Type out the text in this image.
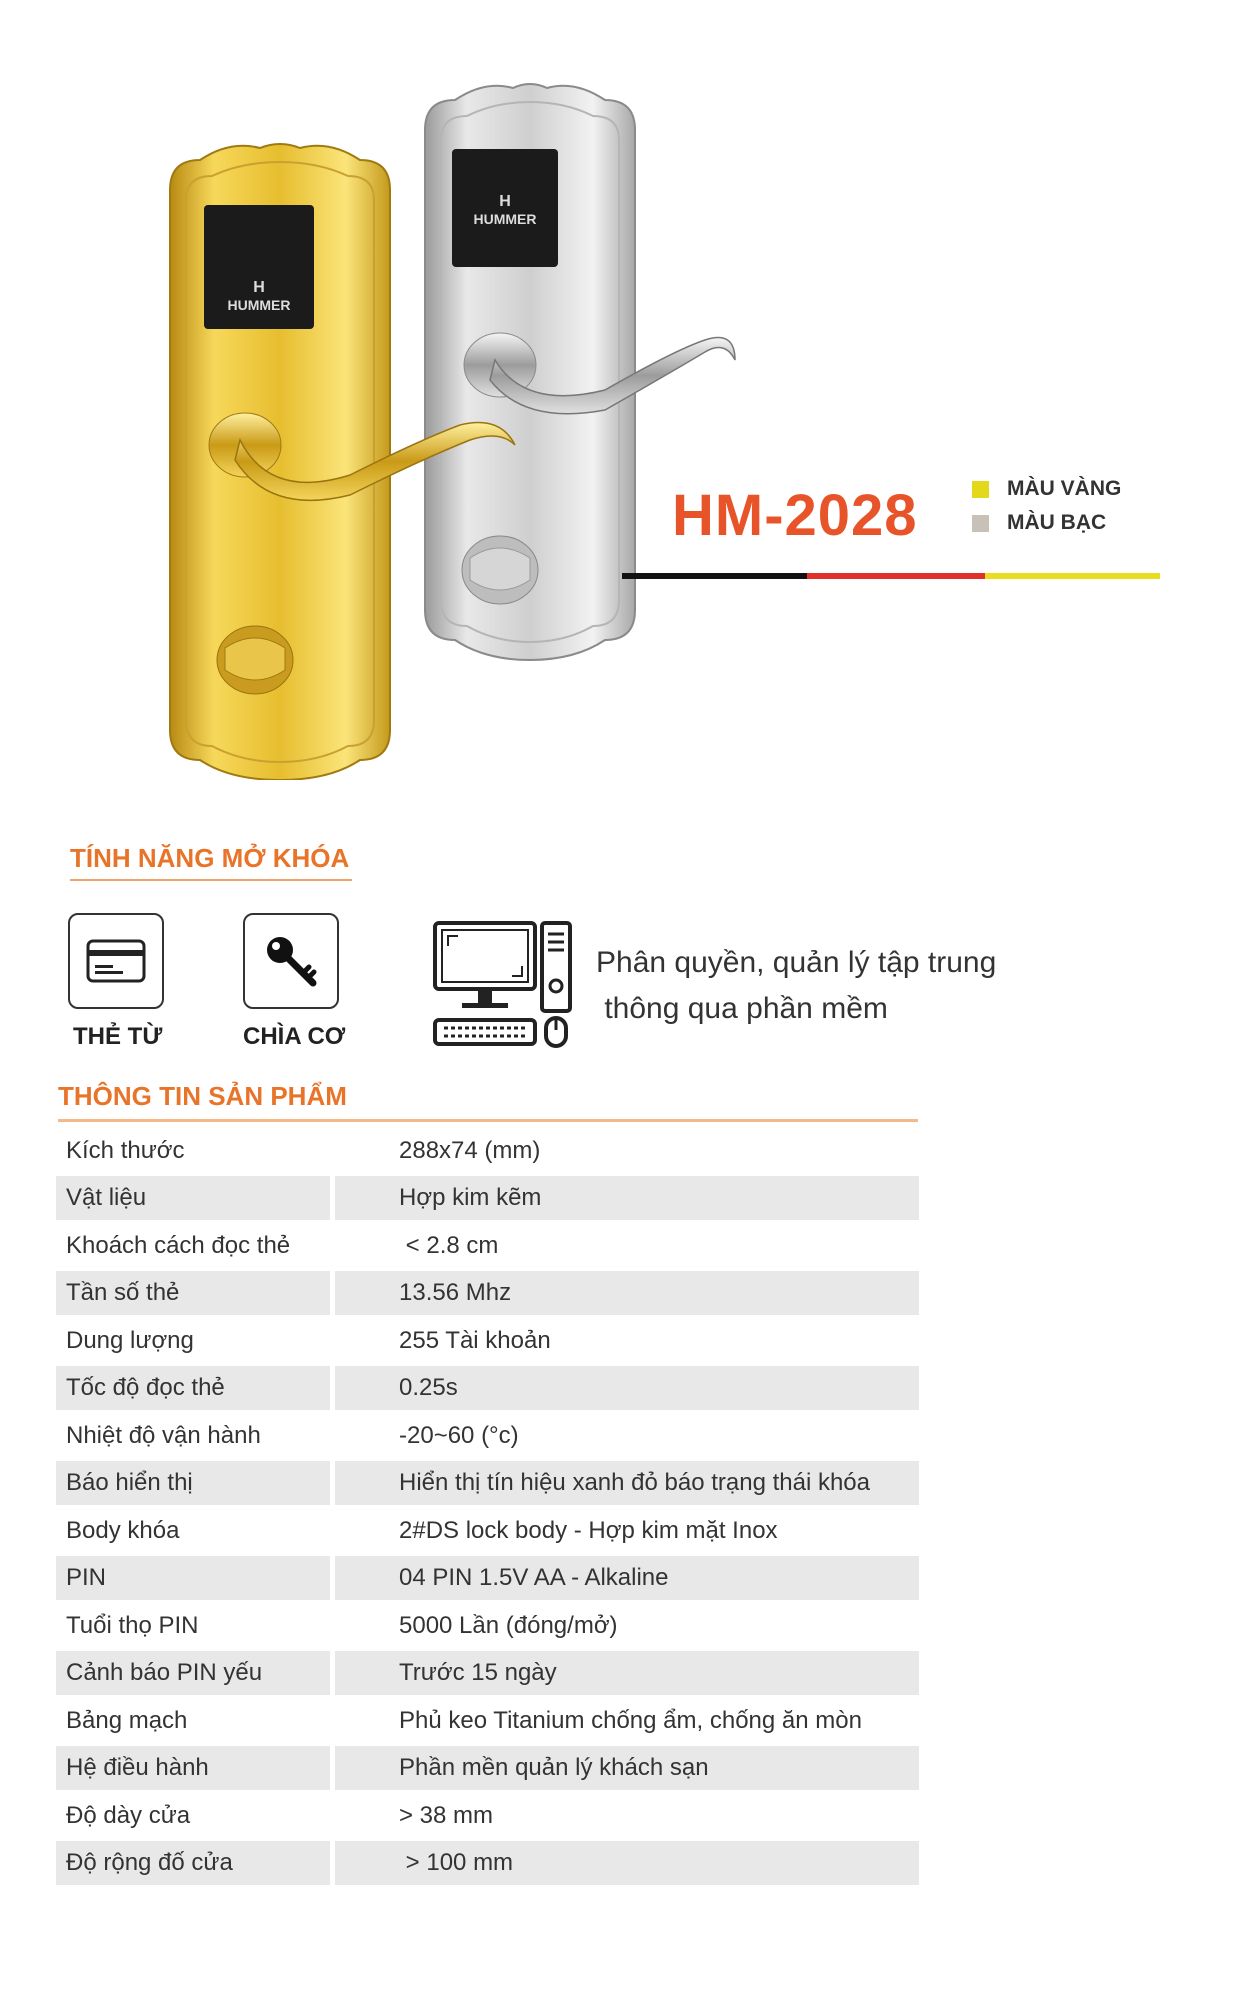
HUMMER
H
HUMMER
H
HM-2028	MÀU VÀNG
MÀU BẠC
TÍNH NĂNG MỞ KHÓA
THẺ TỪ	CHÌA CƠ
Phân quyền, quản lý tập trung
thông qua phần mềm
THÔNG TIN SẢN PHẨM
Kích thước	288x74 (mm)
Vật liệu	Hợp kim kẽm
Khoách cách đọc thẻ	< 2.8 cm
Tần số thẻ	13.56 Mhz
Dung lượng	255 Tài khoản
Tốc độ đọc thẻ	0.25s
Nhiệt độ vận hành	-20~60 (°c)
Báo hiển thị	Hiển thị tín hiệu xanh đỏ báo trạng thái khóa
Body khóa	2#DS lock body - Hợp kim mặt Inox
PIN	04 PIN 1.5V AA - Alkaline
Tuổi thọ PIN	5000 Lần (đóng/mở)
Cảnh báo PIN yếu	Trước 15 ngày
Bảng mạch	Phủ keo Titanium chống ẩm, chống ăn mòn
Hệ điều hành	Phần mền quản lý khách sạn
Độ dày cửa	> 38 mm
Độ rộng đố cửa	> 100 mm
